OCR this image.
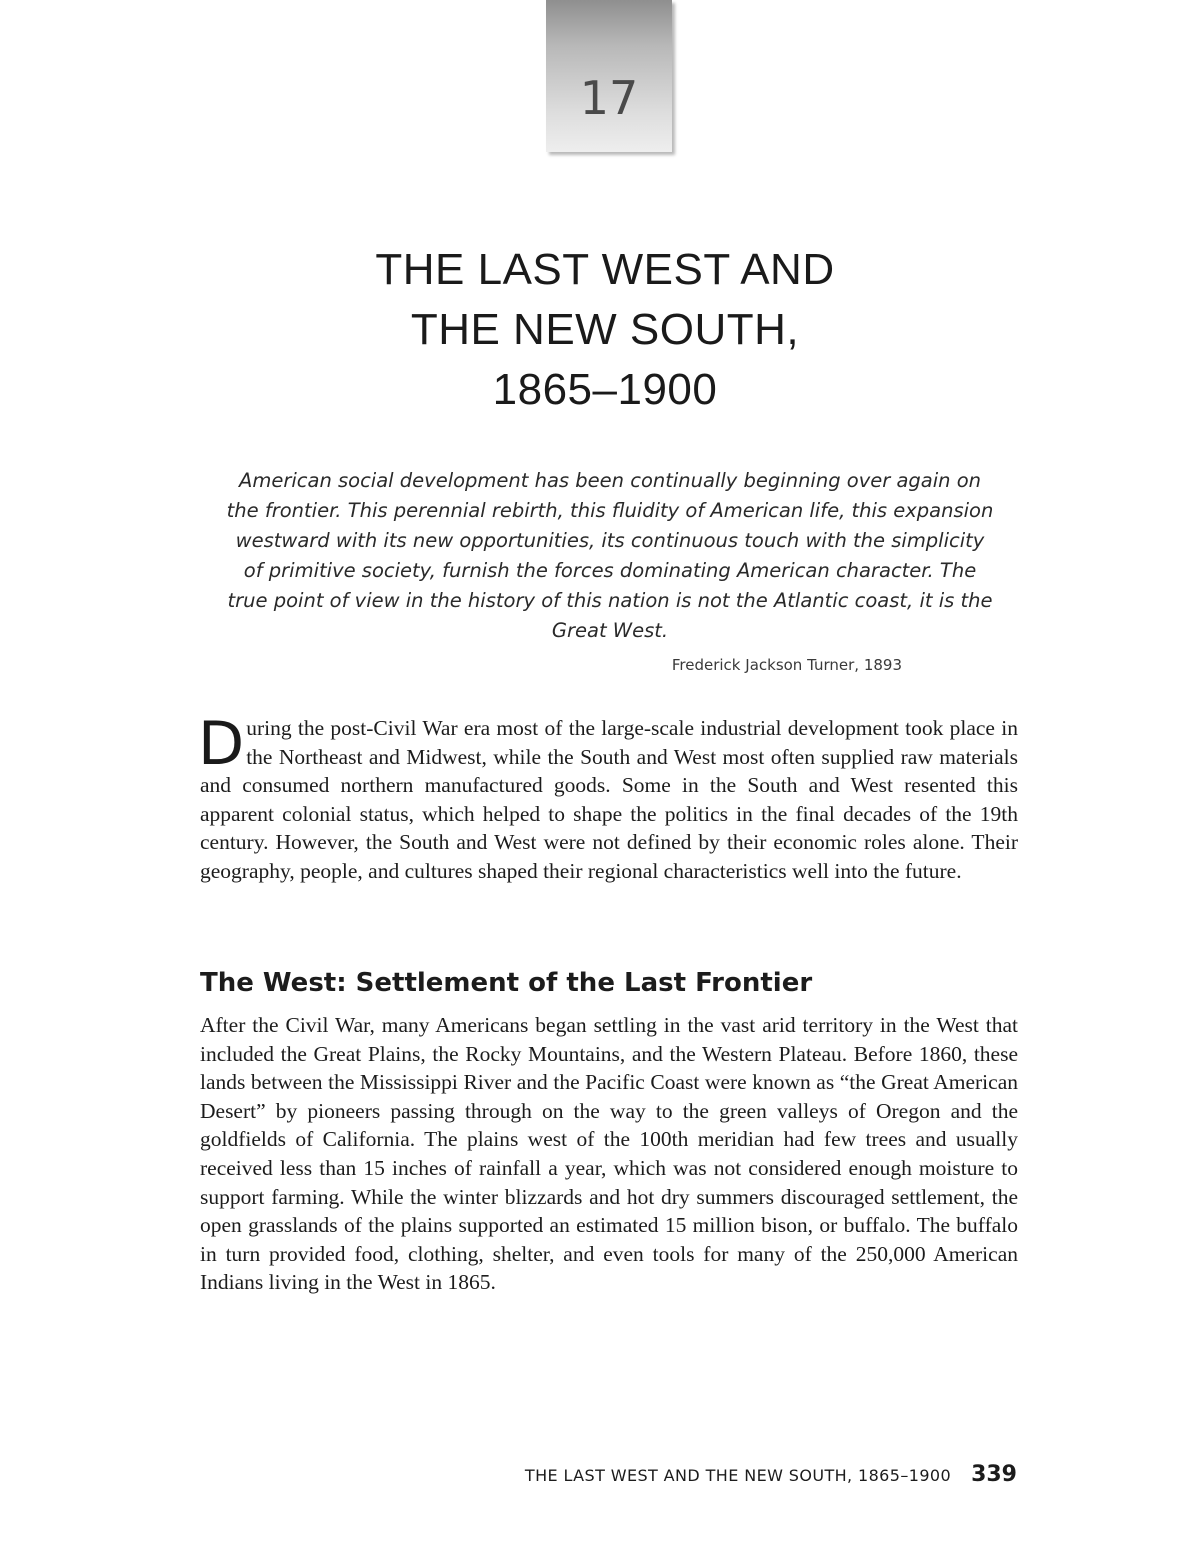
17
THE LAST WEST AND
THE NEW SOUTH,
1865–1900

American social development has been continually beginning over again on the frontier. This perennial rebirth, this fluidity of American life, this expansion westward with its new opportunities, its continuous touch with the simplicity of primitive society, furnish the forces dominating American character. The true point of view in the history of this nation is not the Atlantic coast, it is the Great West.

Frederick Jackson Turner, 1893
D uring the post-Civil War era most of the large-scale industrial development took place in the Northeast and Midwest, while the South and West most often supplied raw materials and consumed northern manufactured goods. Some in the South and West resented this apparent colonial status, which helped to shape the politics in the final decades of the 19th century. However, the South and West were not defined by their economic roles alone. Their geography, people, and cultures shaped their regional characteristics well into the future.

The West: Settlement of the Last Frontier

After the Civil War, many Americans began settling in the vast arid territory in the West that included the Great Plains, the Rocky Mountains, and the Western Plateau. Before 1860, these lands between the Mississippi River and the Pacific Coast were known as “the Great American Desert” by pioneers passing through on the way to the green valleys of Oregon and the goldfields of California. The plains west of the 100th meridian had few trees and usually received less than 15 inches of rainfall a year, which was not considered enough moisture to support farming. While the winter blizzards and hot dry summers discouraged settlement, the open grasslands of the plains supported an estimated 15 million bison, or buffalo. The buffalo in turn provided food, clothing, shelter, and even tools for many of the 250,000 American Indians living in the West in 1865.

THE LAST WEST AND THE NEW SOUTH, 1865–1900 339
